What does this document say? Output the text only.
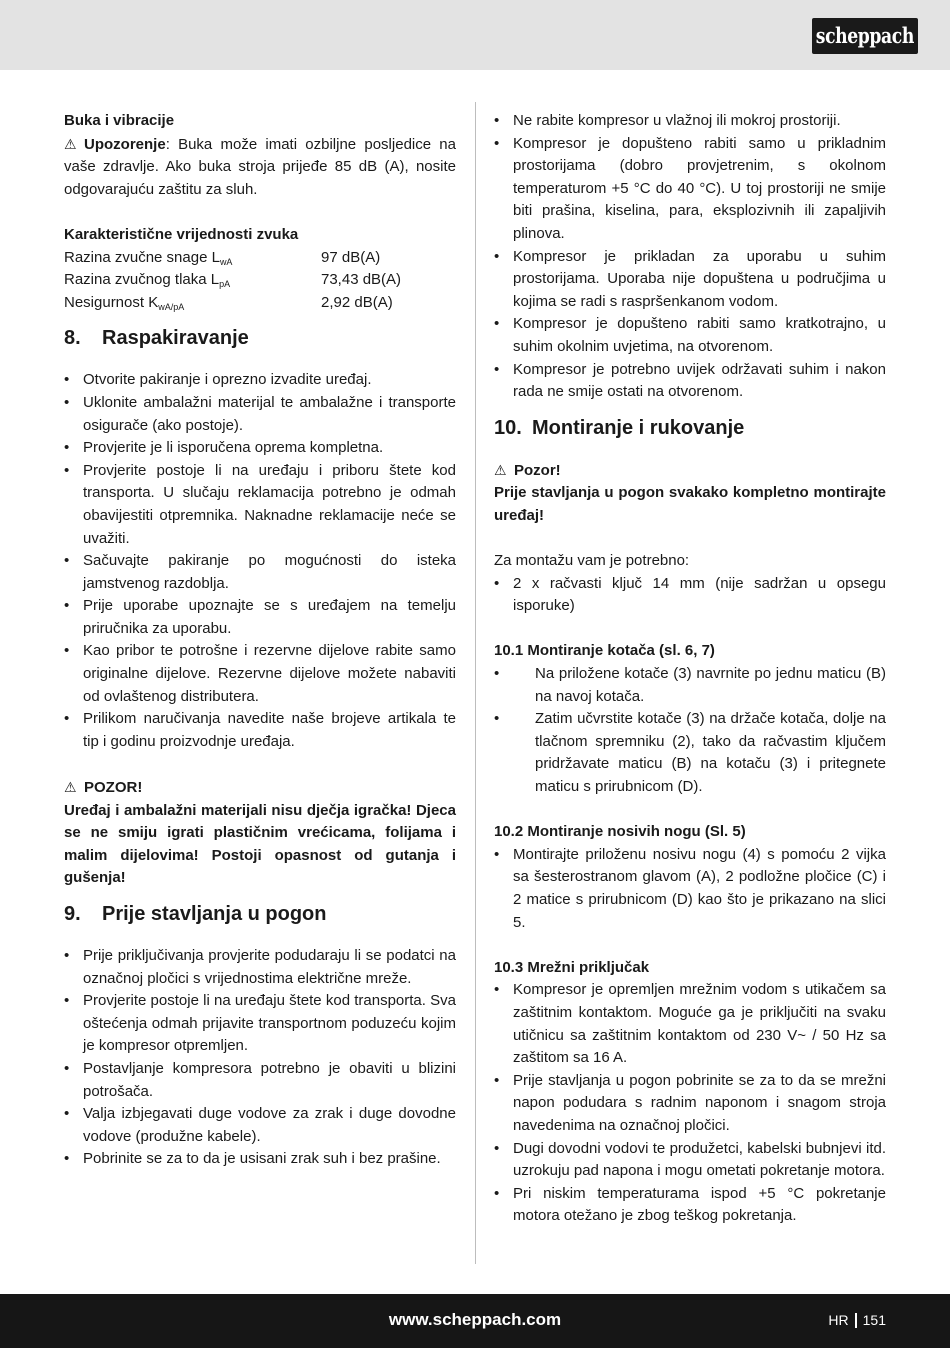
scheppach

Buka i vibracije

⚠ Upozorenje: Buka može imati ozbiljne posljedice na vaše zdravlje. Ako buka stroja prijeđe 85 dB (A), nosite odgovarajuću zaštitu za sluh.

Karakteristične vrijednosti zvuka

Razina zvučne snage $L_{wA}$	97 dB(A)
Razina zvučnog tlaka $L_{pA}$	73,43 dB(A)
Nesigurnost $K_{wA/pA}$	2,92 dB(A)
8.	Raspakiravanje
• Otvorite pakiranje i oprezno izvadite uređaj.
• Uklonite ambalažni materijal te ambalažne i transporte osigurače (ako postoje).
• Provjerite je li isporučena oprema kompletna.
• Provjerite postoje li na uređaju i priboru štete kod transporta. U slučaju reklamacija potrebno je odmah obavijestiti otpremnika. Naknadne reklamacije neće se uvažiti.
• Sačuvajte pakiranje po mogućnosti do isteka jamstvenog razdoblja.
• Prije uporabe upoznajte se s uređajem na temelju priručnika za uporabu.
• Kao pribor te potrošne i rezervne dijelove rabite samo originalne dijelove. Rezervne dijelove možete nabaviti od ovlaštenog distributera.
• Prilikom naručivanja navedite naše brojeve artikala te tip i godinu proizvodnje uređaja.

⚠ POZOR!

Uređaj i ambalažni materijali nisu dječja igračka! Djeca se ne smiju igrati plastičnim vrećicama, folijama i malim dijelovima! Postoji opasnost od gutanja i gušenja!

9.	Prije stavljanja u pogon
• Prije priključivanja provjerite podudaraju li se podatci na označnoj pločici s vrijednostima električne mreže.
• Provjerite postoje li na uređaju štete kod transporta. Sva oštećenja odmah prijavite transportnom poduzeću kojim je kompresor otpremljen.
• Postavljanje kompresora potrebno je obaviti u blizini potrošača.
• Valja izbjegavati duge vodove za zrak i duge dovodne vodove (produžne kabele).
• Pobrinite se za to da je usisani zrak suh i bez prašine.
• Ne rabite kompresor u vlažnoj ili mokroj prostoriji.
• Kompresor je dopušteno rabiti samo u prikladnim prostorijama (dobro provjetrenim, s okolnom temperaturom +5 °C do 40 °C). U toj prostoriji ne smije biti prašina, kiselina, para, eksplozivnih ili zapaljivih plinova.
• Kompresor je prikladan za uporabu u suhim prostorijama. Uporaba nije dopuštena u područjima u kojima se radi s raspršenkanom vodom.
• Kompresor je dopušteno rabiti samo kratkotrajno, u suhim okolnim uvjetima, na otvorenom.
• Kompresor je potrebno uvijek održavati suhim i nakon rada ne smije ostati na otvorenom.
10. Montiranje i rukovanje

⚠ Pozor!

Prije stavljanja u pogon svakako kompletno montirajte uređaj!

Za montažu vam je potrebno:

• 2 x račvasti ključ 14 mm (nije sadržan u opsegu isporuke)

10.1 Montiranje kotača (sl. 6, 7)

• Na priložene kotače (3) navrnite po jednu maticu (B) na navoj kotača.
• Zatim učvrstite kotače (3) na držače kotača, dolje na tlačnom spremniku (2), tako da račvastim ključem pridržavate maticu (B) na kotaču (3) i pritegnete maticu s prirubnicom (D).

10.2 Montiranje nosivih nogu (Sl. 5)

• Montirajte priloženu nosivu nogu (4) s pomoću 2 vijka sa šesterostranom glavom (A), 2 podložne pločice (C) i 2 matice s prirubnicom (D) kao što je prikazano na slici 5.

10.3 Mrežni priključak

• Kompresor je opremljen mrežnim vodom s utikačem sa zaštitnim kontaktom. Moguće ga je priključiti na svaku utičnicu sa zaštitnim kontaktom od 230 V~ / 50 Hz sa zaštitom sa 16 A.
• Prije stavljanja u pogon pobrinite se za to da se mrežni napon podudara s radnim naponom i snagom stroja navedenima na označnoj pločici.
• Dugi dovodni vodovi te produžetci, kabelski bubnjevi itd. uzrokuju pad napona i mogu ometati pokretanje motora.
• Pri niskim temperaturama ispod +5 °C pokretanje motora otežano je zbog teškog pokretanja.
www.scheppach.com	HR 151
